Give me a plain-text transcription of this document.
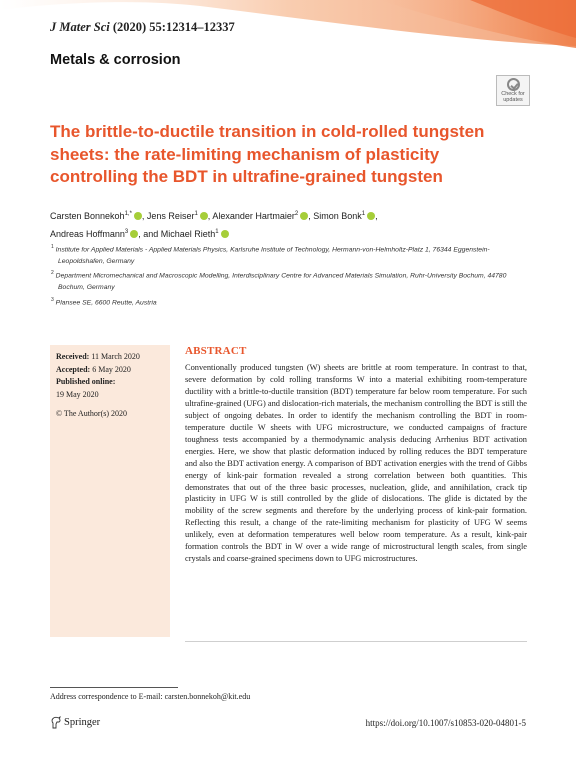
J Mater Sci (2020) 55:12314–12337
Metals & corrosion
Check for
updates
The brittle-to-ductile transition in cold-rolled tungsten sheets: the rate-limiting mechanism of plasticity controlling the BDT in ultrafine-grained tungsten
Carsten Bonnekoh$^{1,*}$ , Jens Reiser$^1$ , Alexander Hartmaier$^2$ , Simon Bonk$^1$ ,
Andreas Hoffmann$^3$ , and Michael Rieth$^1$
$^1$ Institute for Applied Materials - Applied Materials Physics, Karlsruhe Institute of Technology, Hermann-von-Helmholtz-Platz 1, 76344 Eggenstein-Leopoldshafen, Germany
$^2$ Department Micromechanical and Macroscopic Modelling, Interdisciplinary Centre for Advanced Materials Simulation, Ruhr-University Bochum, 44780 Bochum, Germany
$^3$ Plansee SE, 6600 Reutte, Austria
Received: 11 March 2020
Accepted: 6 May 2020
Published online:
19 May 2020
© The Author(s) 2020
ABSTRACT

Conventionally produced tungsten (W) sheets are brittle at room temperature. In contrast to that, severe deformation by cold rolling transforms W into a material exhibiting room-temperature ductility with a brittle-to-ductile transition (BDT) temperature far below room temperature. For such ultrafine-grained (UFG) and dislocation-rich materials, the mechanism controlling the BDT is still the subject of ongoing debates. In order to identify the mechanism controlling the BDT in room-temperature ductile W sheets with UFG microstructure, we conducted campaigns of fracture toughness tests accompanied by a thermodynamic analysis deducing Arrhenius BDT activation energies. Here, we show that plastic deformation induced by rolling reduces the BDT temperature and also the BDT activation energy. A comparison of BDT activation energies with the trend of Gibbs energy of kink-pair formation revealed a strong correlation between both quantities. This demonstrates that out of the three basic processes, nucleation, glide, and annihilation, crack tip plasticity in UFG W is still controlled by the glide of dislocations. The glide is dictated by the mobility of the screw segments and therefore by the underlying process of kink-pair formation. Reflecting this result, a change of the rate-limiting mechanism for plasticity of UFG W seems unlikely, even at deformation temperatures well below room temperature. As a result, kink-pair formation controls the BDT in W over a wide range of microstructural length scales, from single crystals and coarse-grained specimens down to UFG microstructures.

Address correspondence to E-mail: carsten.bonnekoh@kit.edu
Springer	https://doi.org/10.1007/s10853-020-04801-5
